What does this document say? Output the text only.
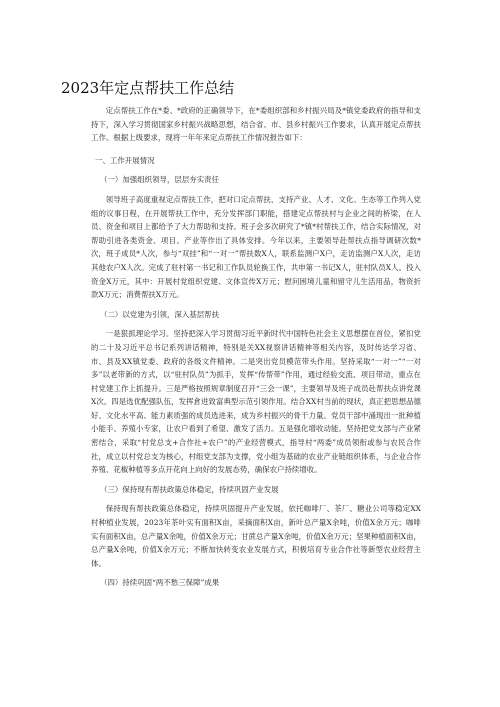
2023年定点帮扶工作总结

定点帮扶工作在*委、*政府的正确领导下，在*委组织部和乡村振兴局及*镇党委政府的指导和支持下，深入学习贯彻国家乡村振兴战略思想，结合省、市、县乡村振兴工作要求，认真开展定点帮扶工作。根据上级要求，现将一年年来定点帮扶工作情况报告如下：

一、工作开展情况

（一）加强组织领导，层层夯实责任

领导班子高度重视定点帮扶工作，把对口定点帮扶、支持产业、人才、文化、生态等工作列入党组的议事日程，在开展帮扶工作中，充分发挥部门职能，搭建定点帮扶村与企业之间的桥梁，在人员、资金和项目上都给予了大力帮助和支持。班子会多次研究了*镇*村帮扶工作，结合实际情况，对帮助引进各类资金、项目、产业等作出了具体安排。今年以来，主要领导赴帮扶点指导调研次数*次，班子成员*人次，参与“双挂”和“一对一”帮扶数X人，联系监测户X户，走访监测户X人次，走访其他农户X人次。完成了驻村第一书记和工作队员轮换工作，共申第一书记X人，驻村队员X人。投入资金X万元，其中：开展村党组织党建、文体宣传X万元；慰问困境儿童和留守儿生活用品，物资折款X万元；消费帮扶X万元。

（二）以党建为引领，深入基层帮扶

一是狠抓理论学习。坚持把深入学习贯彻习近平新时代中国特色社会主义思想摆在首位，紧扣党的二十及习近平总书记系列讲话精神，特别是关XX视察讲话精神等相关内容，及时传达学习省、市、县及XX镇党委、政府的各级文件精神。二是突出党员模范带头作用。坚持采取“一对一”“一对多”以老带新的方式，以“驻村队员”为抓手，发挥“传帮带”作用，通过经验交流、项目带动，重点在村党建工作上抓提升。三是严格按照规章制度召开“三会一课”，主要领导及班子成员赴帮扶点讲党课X次。四是选优配强队伍，发挥倉进致富典型示范引领作用。结合XX村当前的现状，真正把思想品德好、文化水平高、能力素质强的成员选进来，成为乡村振兴的骨干力量。党员干部中涌现出一批种植小能手、养殖小专家，让农户看到了希望、激发了活力。五是强化增收动能。坚持把党支部与产业紧密结合，采取“村党总支+合作社+农户”的产业经营模式，指导村“两委”成员领衔或参与农民合作社，成立以村党总支为核心，村组党支部为支撑，党小组为基础的农业产业链组织体系，与企业合作养殖、花椒种植等多点开花向上向好的发展态势，确保农户持续增收。

（三）保持现有帮扶政策总体稳定，持续巩固产业发展

保持现有帮扶政策总体稳定，持续巩固提升产业发展，依托咖啡厂、茶厂、糖业公司等稳定XX村种植业发展，2023年茶叶实有面积X亩，采摘面积X亩，新叶总产量X余吨，价值X余万元；咖啡实有面积X亩，总产量X余吨，价值X余万元；甘蔗总产量X余吨，价值X余万元；坚果种植面积X亩，总产量X余吨，价值X余万元；不断加快转变农业发展方式，积极培育专业合作社等新型农业经营主体。

（四）持续巩固“两不愁三保障”成果
